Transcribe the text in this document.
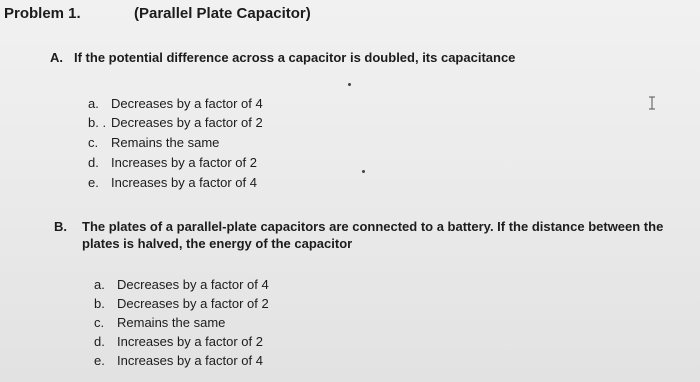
Problem 1.	(Parallel Plate Capacitor)
A. If the potential difference across a capacitor is doubled, its capacitance
a. Decreases by a factor of 4
b. . Decreases by a factor of 2
c. Remains the same
d. Increases by a factor of 2
e. Increases by a factor of 4
B. The plates of a parallel-plate capacitors are connected to a battery. If the distance between the
plates is halved, the energy of the capacitor
a. Decreases by a factor of 4
b. Decreases by a factor of 2
c. Remains the same
d. Increases by a factor of 2
e. Increases by a factor of 4
